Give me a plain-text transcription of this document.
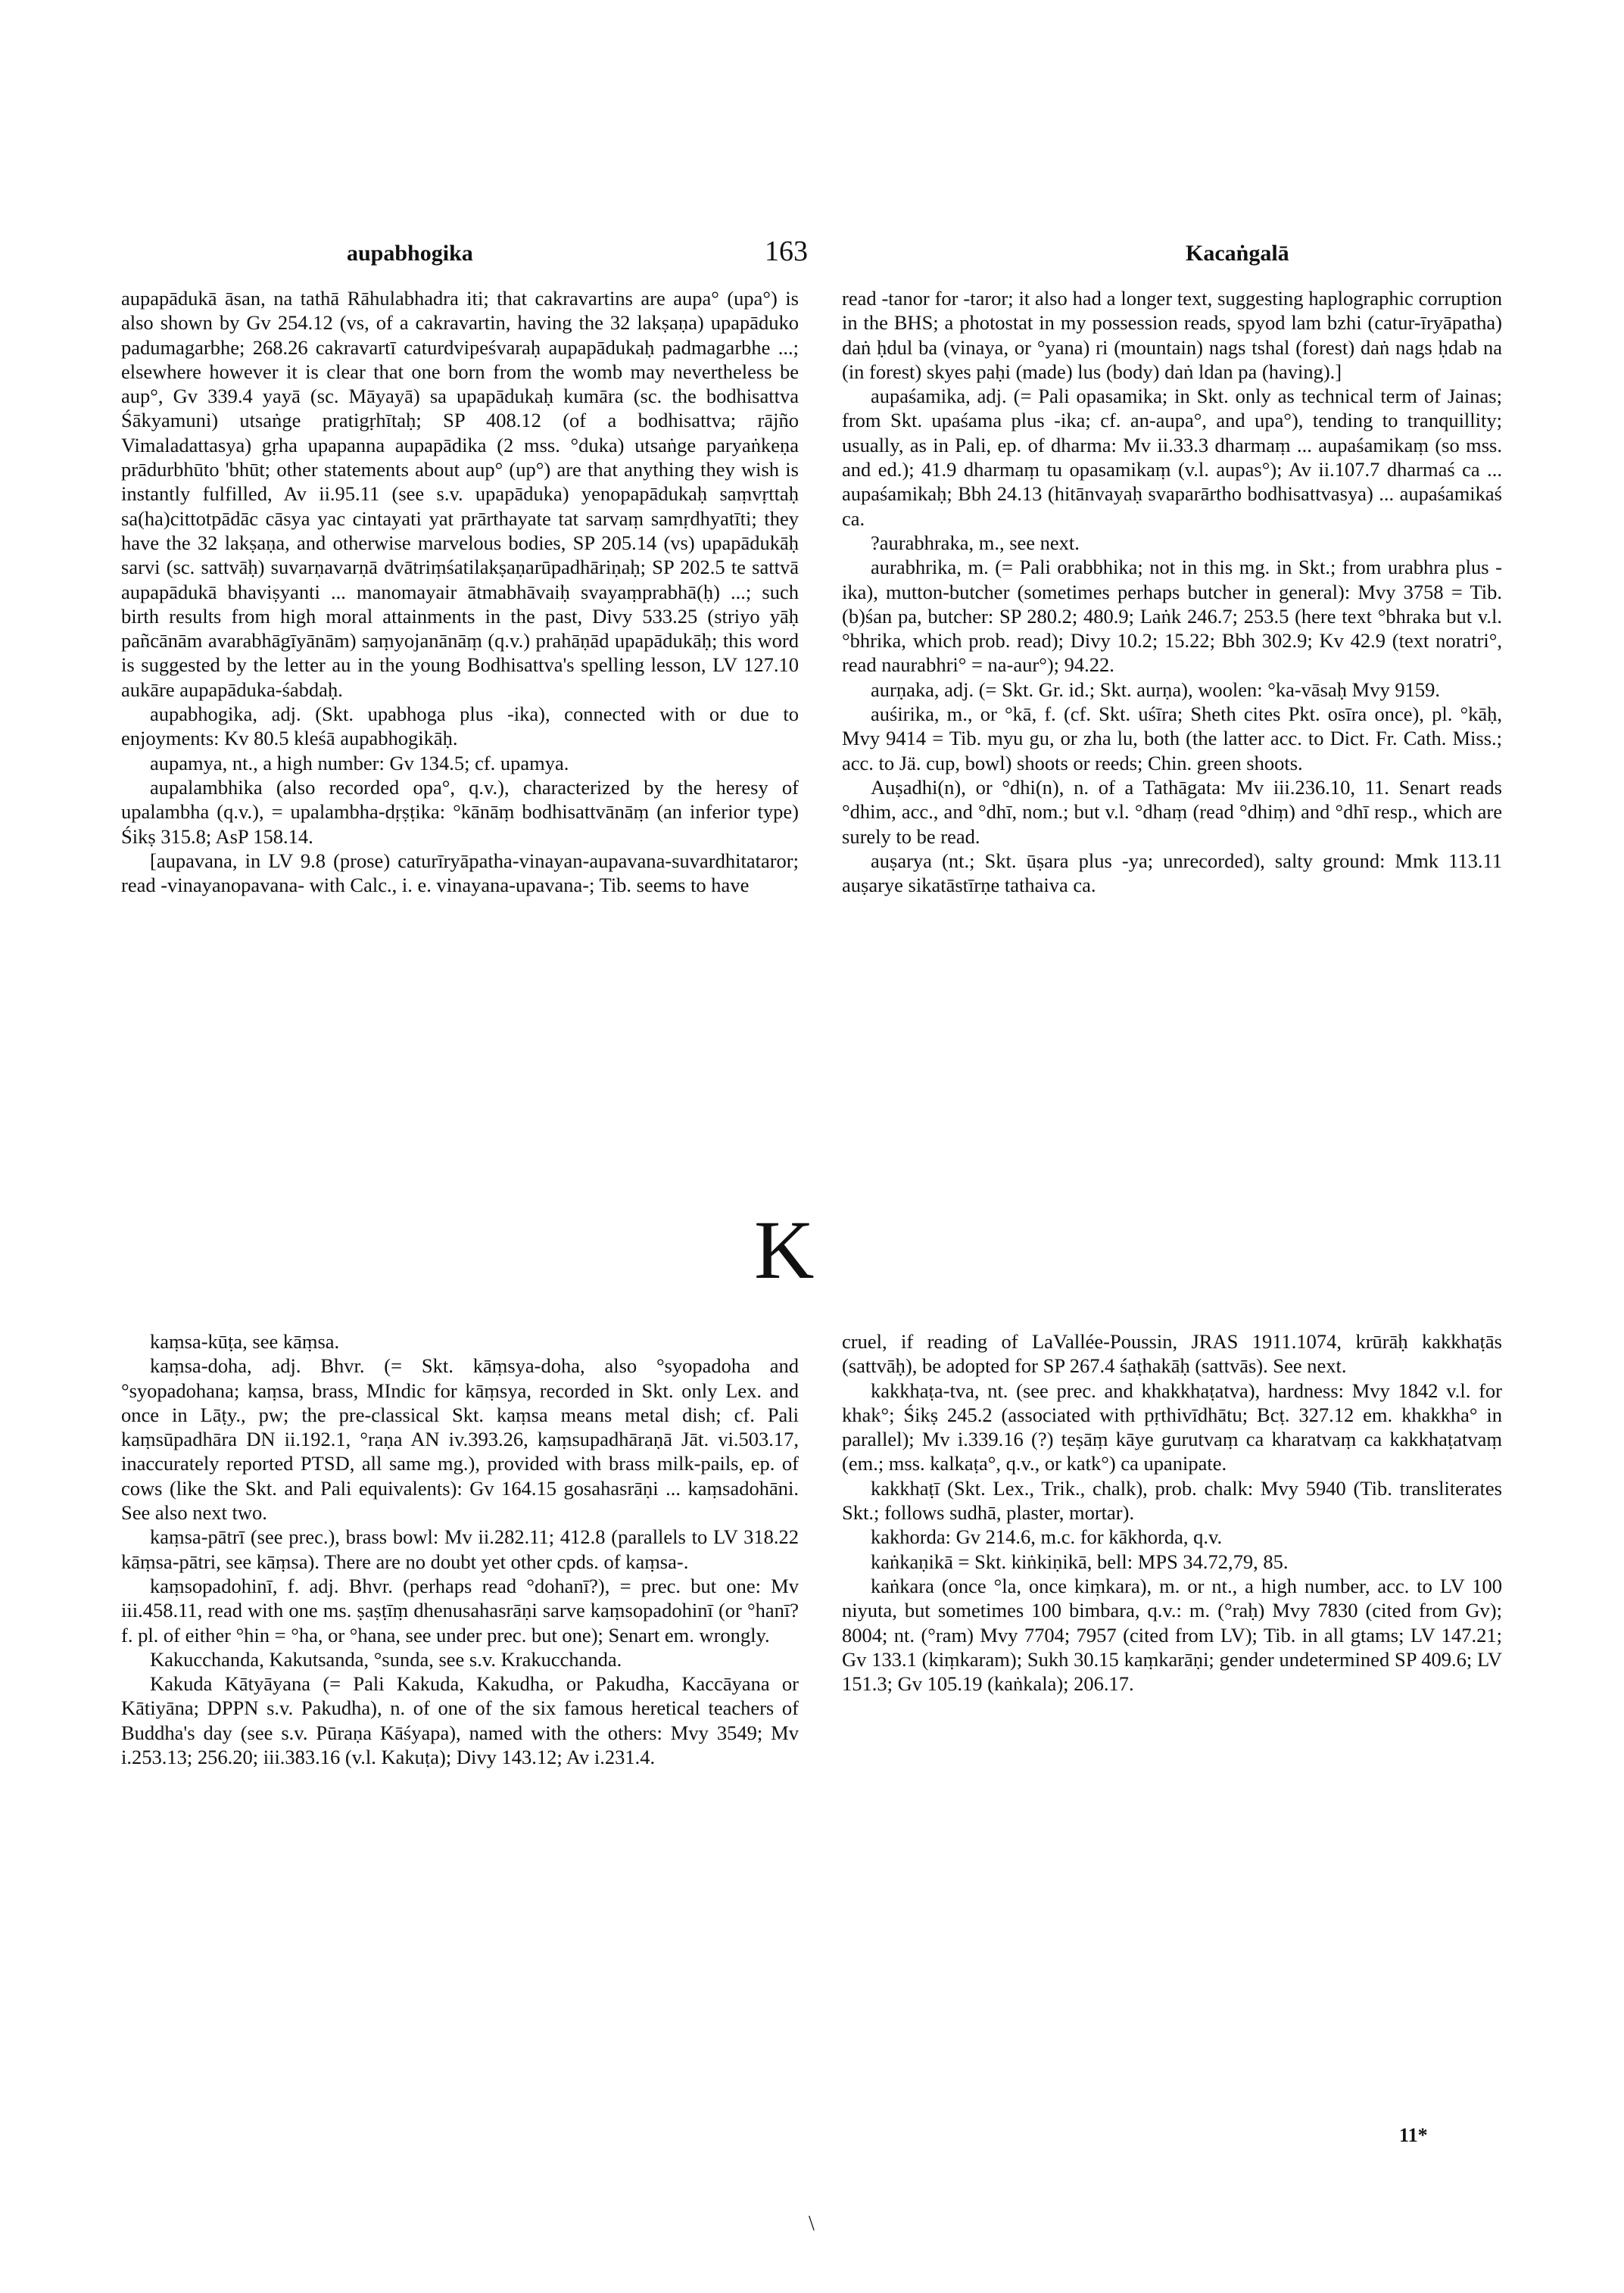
aupabhogika	163	Kacaṅgalā

aupapādukā āsan, na tathā Rāhulabhadra iti; that cakravartins are aupa° (upa°) is also shown by Gv 254.12 (vs, of a cakravartin, having the 32 lakṣaṇa) upapāduko padumagarbhe; 268.26 cakravartī caturdvipeśvaraḥ aupapādukaḥ padmagarbhe ...; elsewhere however it is clear that one born from the womb may nevertheless be aup°, Gv 339.4 yayā (sc. Māyayā) sa upapādukaḥ kumāra (sc. the bodhisattva Śākyamuni) utsaṅge pratigṛhītaḥ; SP 408.12 (of a bodhisattva; rājño Vimaladattasya) gṛha upapanna aupapādika (2 mss. °duka) utsaṅge paryaṅkeṇa prādurbhūto 'bhūt; other statements about aup° (up°) are that anything they wish is instantly fulfilled, Av ii.95.11 (see s.v. upapāduka) yenopapādukaḥ saṃvṛttaḥ sa(ha)cittotpādāc cāsya yac cintayati yat prārthayate tat sarvaṃ samṛdhyatīti; they have the 32 lakṣaṇa, and otherwise marvelous bodies, SP 205.14 (vs) upapādukāḥ sarvi (sc. sattvāḥ) suvarṇavarṇā dvātriṃśatilakṣaṇarūpadhāriṇaḥ; SP 202.5 te sattvā aupapādukā bhaviṣyanti ... manomayair ātmabhāvaiḥ svayaṃprabhā(ḥ) ...; such birth results from high moral attainments in the past, Divy 533.25 (striyo yāḥ pañcānām avarabhāgīyānām) saṃyojanānāṃ (q.v.) prahāṇād upapādukāḥ; this word is suggested by the letter au in the young Bodhisattva's spelling lesson, LV 127.10 aukāre aupapāduka-śabdaḥ.

aupabhogika, adj. (Skt. upabhoga plus -ika), connected with or due to enjoyments: Kv 80.5 kleśā aupabhogikāḥ.

aupamya, nt., a high number: Gv 134.5; cf. upamya.

aupalambhika (also recorded opa°, q.v.), characterized by the heresy of upalambha (q.v.), = upalambha-dṛṣṭika: °kānāṃ bodhisattvānāṃ (an inferior type) Śikṣ 315.8; AsP 158.14.

[aupavana, in LV 9.8 (prose) caturīryāpatha-vinayan-aupavana-suvardhitataror; read -vinayanopavana- with Calc., i. e. vinayana-upavana-; Tib. seems to have

read -tanor for -taror; it also had a longer text, suggesting haplographic corruption in the BHS; a photostat in my possession reads, spyod lam bzhi (catur-īryāpatha) daṅ ḥdul ba (vinaya, or °yana) ri (mountain) nags tshal (forest) daṅ nags ḥdab na (in forest) skyes paḥi (made) lus (body) daṅ ldan pa (having).]

aupaśamika, adj. (= Pali opasamika; in Skt. only as technical term of Jainas; from Skt. upaśama plus -ika; cf. an-aupa°, and upa°), tending to tranquillity; usually, as in Pali, ep. of dharma: Mv ii.33.3 dharmaṃ ... aupaśamikaṃ (so mss. and ed.); 41.9 dharmaṃ tu opasamikaṃ (v.l. aupas°); Av ii.107.7 dharmaś ca ... aupaśamikaḥ; Bbh 24.13 (hitānvayaḥ svaparārtho bodhisattvasya) ... aupaśamikaś ca.

?aurabhraka, m., see next.

aurabhrika, m. (= Pali orabbhika; not in this mg. in Skt.; from urabhra plus -ika), mutton-butcher (sometimes perhaps butcher in general): Mvy 3758 = Tib. (b)śan pa, butcher: SP 280.2; 480.9; Laṅk 246.7; 253.5 (here text °bhraka but v.l. °bhrika, which prob. read); Divy 10.2; 15.22; Bbh 302.9; Kv 42.9 (text noratri°, read naurabhri° = na-aur°); 94.22.

aurṇaka, adj. (= Skt. Gr. id.; Skt. aurṇa), woolen: °ka-vāsaḥ Mvy 9159.

auśirika, m., or °kā, f. (cf. Skt. uśīra; Sheth cites Pkt. osīra once), pl. °kāḥ, Mvy 9414 = Tib. myu gu, or zha lu, both (the latter acc. to Dict. Fr. Cath. Miss.; acc. to Jä. cup, bowl) shoots or reeds; Chin. green shoots.

Auṣadhi(n), or °dhi(n), n. of a Tathāgata: Mv iii.236.10, 11. Senart reads °dhim, acc., and °dhī, nom.; but v.l. °dhaṃ (read °dhiṃ) and °dhī resp., which are surely to be read.

auṣarya (nt.; Skt. ūṣara plus -ya; unrecorded), salty ground: Mmk 113.11 auṣarye sikatāstīrṇe tathaiva ca.

K

kaṃsa-kūṭa, see kāṃsa.

kaṃsa-doha, adj. Bhvr. (= Skt. kāṃsya-doha, also °syopadoha and °syopadohana; kaṃsa, brass, MIndic for kāṃsya, recorded in Skt. only Lex. and once in Lāṭy., pw; the pre-classical Skt. kaṃsa means metal dish; cf. Pali kaṃsūpadhāra DN ii.192.1, °raṇa AN iv.393.26, kaṃsupadhāraṇā Jāt. vi.503.17, inaccurately reported PTSD, all same mg.), provided with brass milk-pails, ep. of cows (like the Skt. and Pali equivalents): Gv 164.15 gosahasrāṇi ... kaṃsadohāni. See also next two.

kaṃsa-pātrī (see prec.), brass bowl: Mv ii.282.11; 412.8 (parallels to LV 318.22 kāṃsa-pātri, see kāṃsa). There are no doubt yet other cpds. of kaṃsa-.

kaṃsopadohinī, f. adj. Bhvr. (perhaps read °dohanī?), = prec. but one: Mv iii.458.11, read with one ms. ṣaṣṭīṃ dhenusahasrāṇi sarve kaṃsopadohinī (or °hanī? f. pl. of either °hin = °ha, or °hana, see under prec. but one); Senart em. wrongly.

Kakucchanda, Kakutsanda, °sunda, see s.v. Krakucchanda.

Kakuda Kātyāyana (= Pali Kakuda, Kakudha, or Pakudha, Kaccāyana or Kātiyāna; DPPN s.v. Pakudha), n. of one of the six famous heretical teachers of Buddha's day (see s.v. Pūraṇa Kāśyapa), named with the others: Mvy 3549; Mv i.253.13; 256.20; iii.383.16 (v.l. Kakuṭa); Divy 143.12; Av i.231.4.

cruel, if reading of LaVallée-Poussin, JRAS 1911.1074, krūrāḥ kakkhaṭās (sattvāḥ), be adopted for SP 267.4 śaṭhakāḥ (sattvās). See next.

kakkhaṭa-tva, nt. (see prec. and khakkhaṭatva), hardness: Mvy 1842 v.l. for khak°; Śikṣ 245.2 (associated with pṛthivīdhātu; Bcṭ. 327.12 em. khakkha° in parallel); Mv i.339.16 (?) teṣāṃ kāye gurutvaṃ ca kharatvaṃ ca kakkhaṭatvaṃ (em.; mss. kalkaṭa°, q.v., or katk°) ca upanipate.

kakkhaṭī (Skt. Lex., Trik., chalk), prob. chalk: Mvy 5940 (Tib. transliterates Skt.; follows sudhā, plaster, mortar).

kakhorda: Gv 214.6, m.c. for kākhorda, q.v.

kaṅkaṇikā = Skt. kiṅkiṇikā, bell: MPS 34.72,79, 85.

kaṅkara (once °la, once kiṃkara), m. or nt., a high number, acc. to LV 100 niyuta, but sometimes 100 bimbara, q.v.: m. (°raḥ) Mvy 7830 (cited from Gv); 8004; nt. (°ram) Mvy 7704; 7957 (cited from LV); Tib. in all gtams; LV 147.21; Gv 133.1 (kiṃkaram); Sukh 30.15 kaṃkarāṇi; gender undetermined SP 409.6; LV 151.3; Gv 105.19 (kaṅkala); 206.17.

11*
\
